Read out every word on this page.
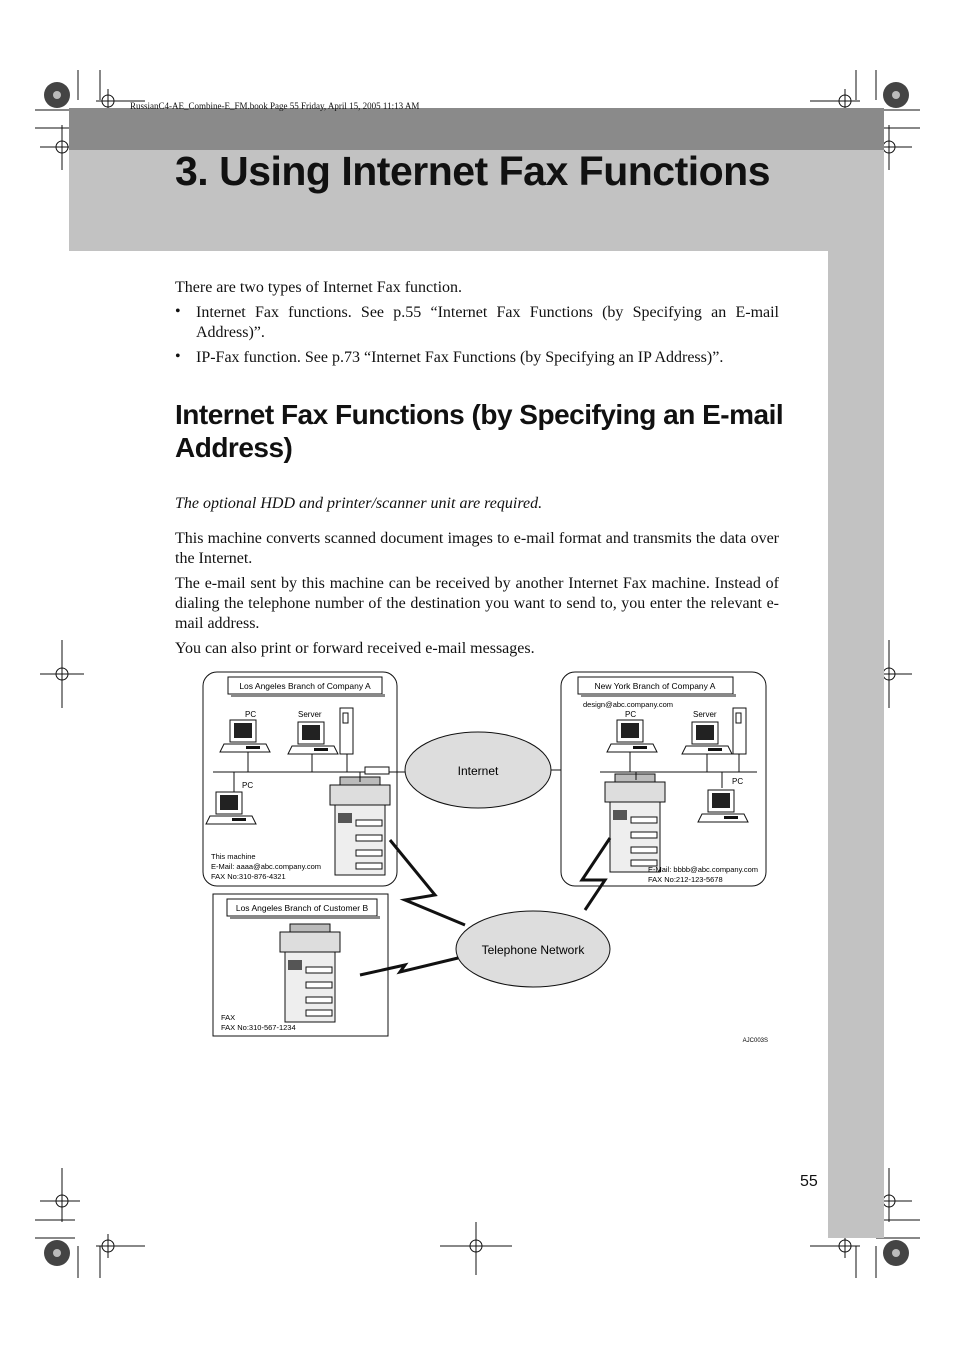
RussianC4-AE_Combine-E_FM.book Page 55 Friday, April 15, 2005 11:13 AM
3. Using Internet Fax Functions
There are two types of Internet Fax function.
• Internet Fax functions. See p.55 “Internet Fax Functions (by Specifying an E-mail Address)”.
• IP-Fax function. See p.73 “Internet Fax Functions (by Specifying an IP Address)”.
Internet Fax Functions (by Specifying an E-mail Address)
The optional HDD and printer/scanner unit are required.
This machine converts scanned document images to e-mail format and transmits the data over the Internet.
The e-mail sent by this machine can be received by another Internet Fax machine. Instead of dialing the telephone number of the destination you want to send to, you enter the relevant e-mail address.
You can also print or forward received e-mail messages.
Los Angeles Branch of Company A
PC	Server
PC
This machine
E-Mail: aaaa@abc.company.com
FAX No:310-876-4321
Internet
New York Branch of Company A
design@abc.company.com
PC	Server
PC
E-Mail: bbbb@abc.company.com
FAX No:212-123-5678
Los Angeles Branch of Customer B
FAX
FAX No:310-567-1234
Telephone Network
AJC003S
55
